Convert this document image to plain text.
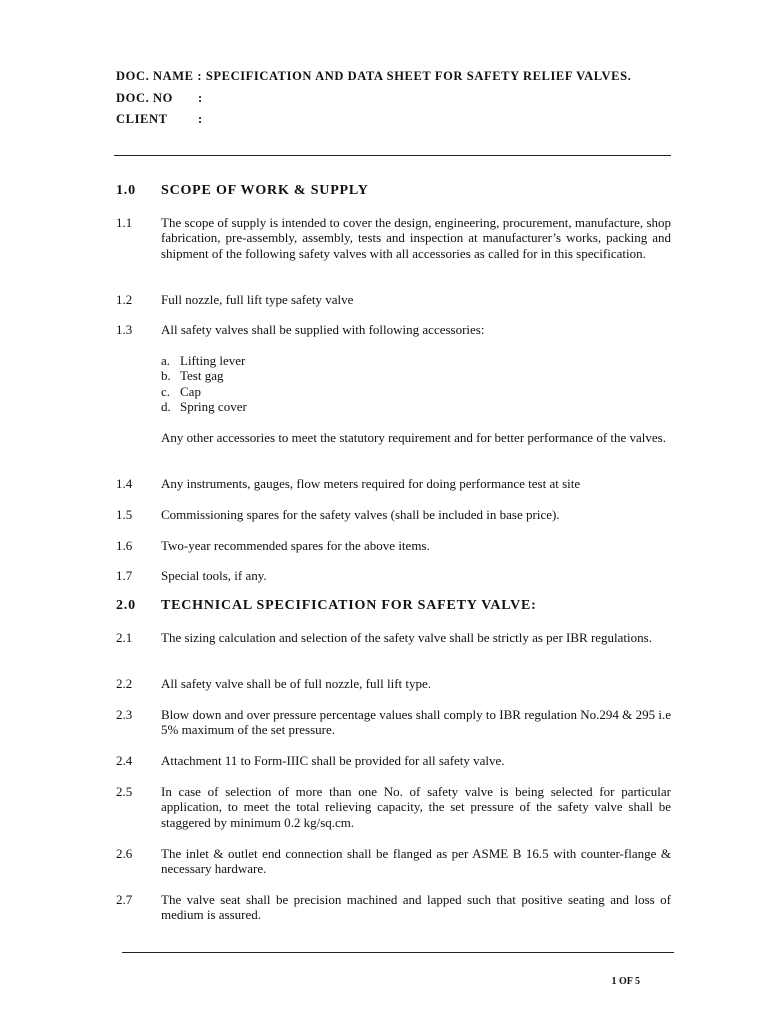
DOC. NAME : SPECIFICATION AND DATA SHEET FOR SAFETY RELIEF VALVES.
DOC. NO :
CLIENT :
1.0 SCOPE OF WORK & SUPPLY
1.1 The scope of supply is intended to cover the design, engineering, procurement, manufacture, shop fabrication, pre-assembly, assembly, tests and inspection at manufacturer’s works, packing and shipment of the following safety valves with all accessories as called for in this specification.
1.2 Full nozzle, full lift type safety valve
1.3 All safety valves shall be supplied with following accessories:
a. Lifting lever
b. Test gag
c. Cap
d. Spring cover
Any other accessories to meet the statutory requirement and for better performance of the valves.
1.4 Any instruments, gauges, flow meters required for doing performance test at site
1.5 Commissioning spares for the safety valves (shall be included in base price).
1.6 Two-year recommended spares for the above items.
1.7 Special tools, if any.
2.0 TECHNICAL SPECIFICATION FOR SAFETY VALVE:
2.1 The sizing calculation and selection of the safety valve shall be strictly as per IBR regulations.
2.2 All safety valve shall be of full nozzle, full lift type.
2.3 Blow down and over pressure percentage values shall comply to IBR regulation No.294 & 295 i.e 5% maximum of the set pressure.
2.4 Attachment 11 to Form-IIIC shall be provided for all safety valve.
2.5 In case of selection of more than one No. of safety valve is being selected for particular application, to meet the total relieving capacity, the set pressure of the safety valve shall be staggered by minimum 0.2 kg/sq.cm.
2.6 The inlet & outlet end connection shall be flanged as per ASME B 16.5 with counter-flange & necessary hardware.
2.7 The valve seat shall be precision machined and lapped such that positive seating and loss of medium is assured.
1 OF 5
